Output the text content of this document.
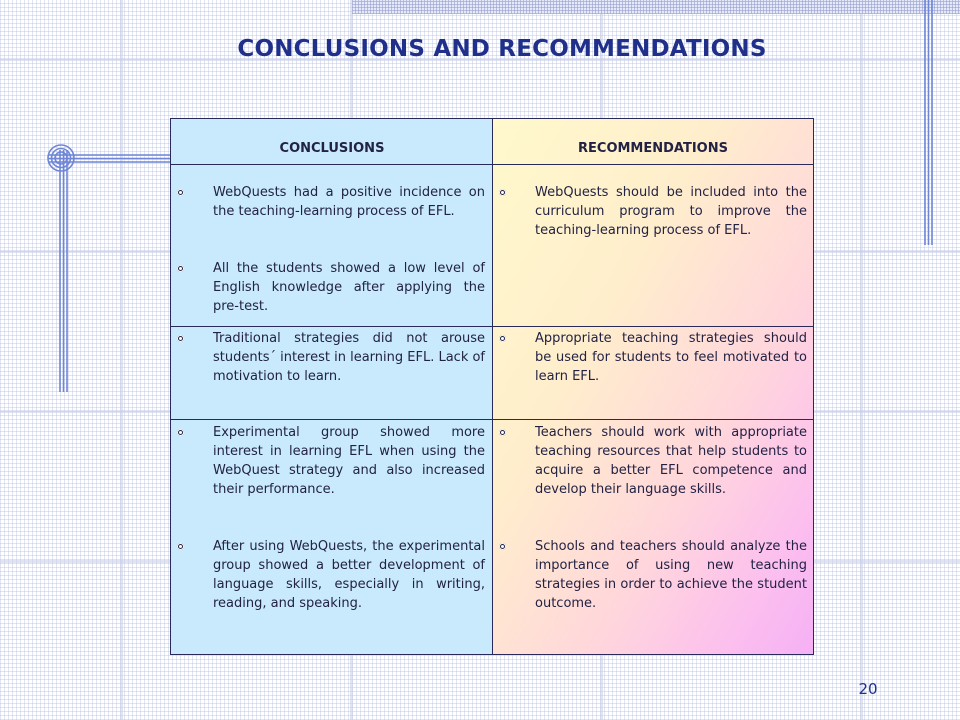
CONCLUSIONS AND RECOMMENDATIONS
CONCLUSIONS	RECOMMENDATIONS
WebQuests had a positive incidence on the teaching-learning process of EFL.
All the students showed a low level of English knowledge after applying the pre-test.
WebQuests should be included into the curriculum program to improve the teaching-learning process of EFL.
Traditional strategies did not arouse students´ interest in learning EFL. Lack of motivation to learn.
Appropriate teaching strategies should be used for students to feel motivated to learn EFL.
Experimental group showed more interest in learning EFL when using the WebQuest strategy and also increased their performance.
After using WebQuests, the experimental group showed a better development of language skills, especially in writing, reading, and speaking.
Teachers should work with appropriate teaching resources that help students to acquire a better EFL competence and develop their language skills.
Schools and teachers should analyze the importance of using new teaching strategies in order to achieve the student outcome.
20
